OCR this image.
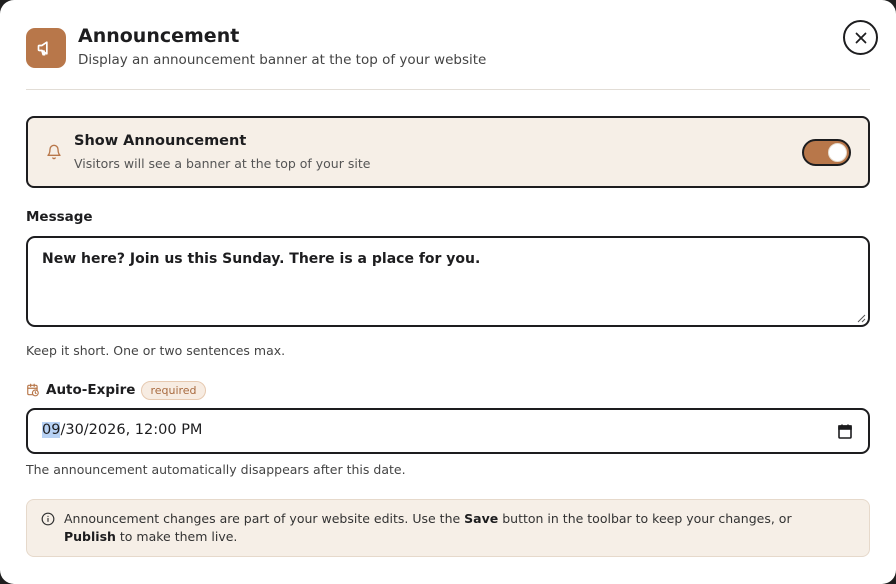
Announcement
Display an announcement banner at the top of your website
Show Announcement
Visitors will see a banner at the top of your site
Message
New here? Join us this Sunday. There is a place for you.
Keep it short. One or two sentences max.
Auto-Expire	required
09/30/2026, 12:00 PM
The announcement automatically disappears after this date.
Announcement changes are part of your website edits. Use the Save button in the toolbar to keep your changes, or Publish to make them live.
